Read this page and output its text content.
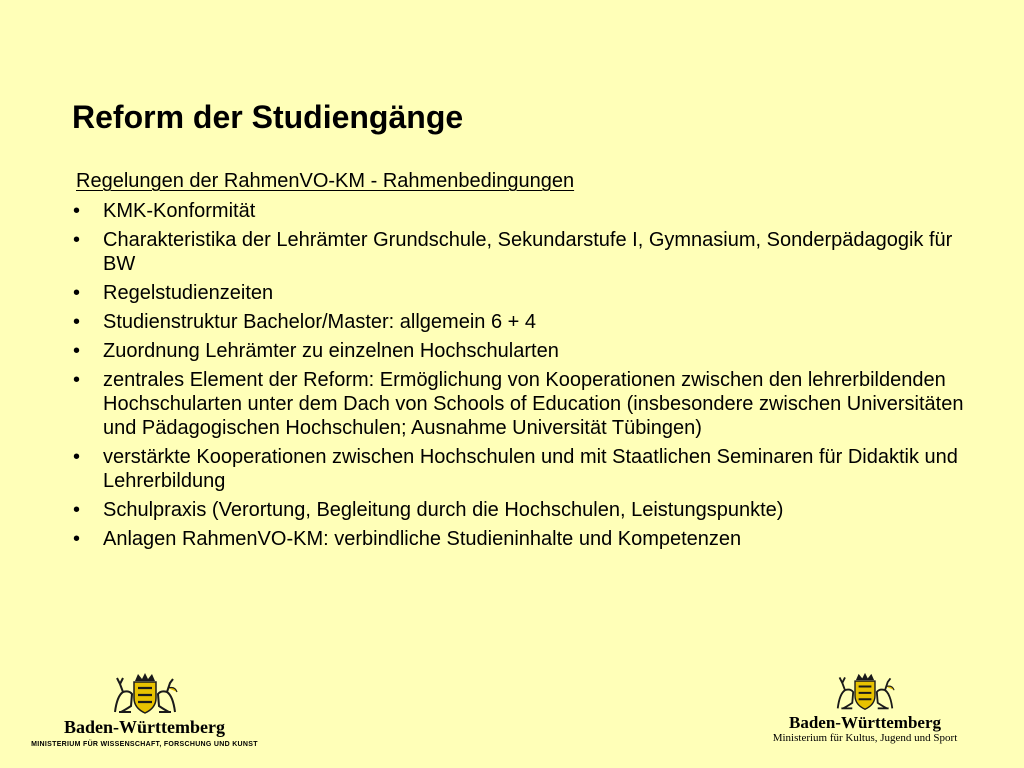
Reform der Studiengänge
Regelungen der RahmenVO-KM - Rahmenbedingungen
•	KMK-Konformität
•	Charakteristika der Lehrämter Grundschule, Sekundarstufe I, Gymnasium, Sonderpädagogik für BW
•	Regelstudienzeiten
•	Studienstruktur Bachelor/Master: allgemein 6 + 4
•	Zuordnung Lehrämter zu einzelnen Hochschularten
•	zentrales Element der Reform: Ermöglichung von Kooperationen zwischen den lehrerbildenden Hochschularten unter dem Dach von Schools of Education (insbesondere zwischen Universitäten und Pädagogischen Hochschulen; Ausnahme Universität Tübingen)
•	verstärkte Kooperationen zwischen Hochschulen und mit Staatlichen Seminaren für Didaktik und Lehrerbildung
•	Schulpraxis (Verortung, Begleitung durch die Hochschulen, Leistungspunkte)
•	Anlagen RahmenVO-KM: verbindliche Studieninhalte und Kompetenzen
Baden-Württemberg
MINISTERIUM FÜR WISSENSCHAFT, FORSCHUNG UND KUNST
Baden-Württemberg
Ministerium für Kultus, Jugend und Sport
